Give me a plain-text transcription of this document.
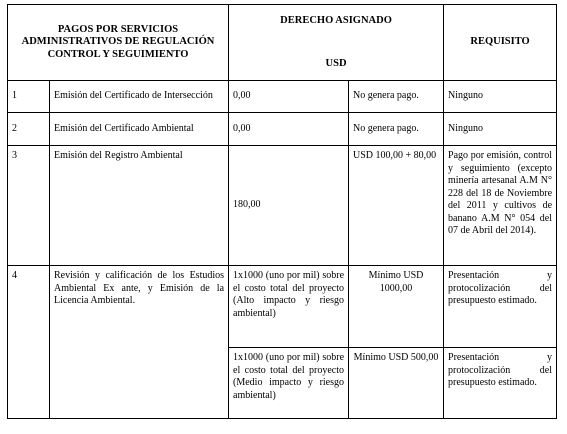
PAGOS POR SERVICIOS ADMINISTRATIVOS DE REGULACIÓN CONTROL Y SEGUIMIENTO		DERECHO ASIGNADO		REQUISITO
		USD		
1	Emisión del Certificado de Intersección	0,00	No genera pago.	Ninguno
2	Emisión del Certificado Ambiental	0,00	No genera pago.	Ninguno
3	Emisión del Registro Ambiental	180,00	USD 100,00 + 80,00	Pago por emisión, control y seguimiento (excepto minería artesanal A.M N° 228 del 18 de Noviembre del 2011 y cultivos de banano A.M N° 054 del 07 de Abril del 2014).
4	Revisión y calificación de los Estudios Ambiental Ex ante, y Emisión de la Licencia Ambiental.	1x1000 (uno por mil) sobre el costo total del proyecto (Alto impacto y riesgo ambiental)	Mínimo USD 1000,00	Presentación y protocolización del presupuesto estimado.
		1x1000 (uno por mil) sobre el costo total del proyecto (Medio impacto y riesgo ambiental)	Mínimo USD 500,00	Presentación y protocolización del presupuesto estimado.
